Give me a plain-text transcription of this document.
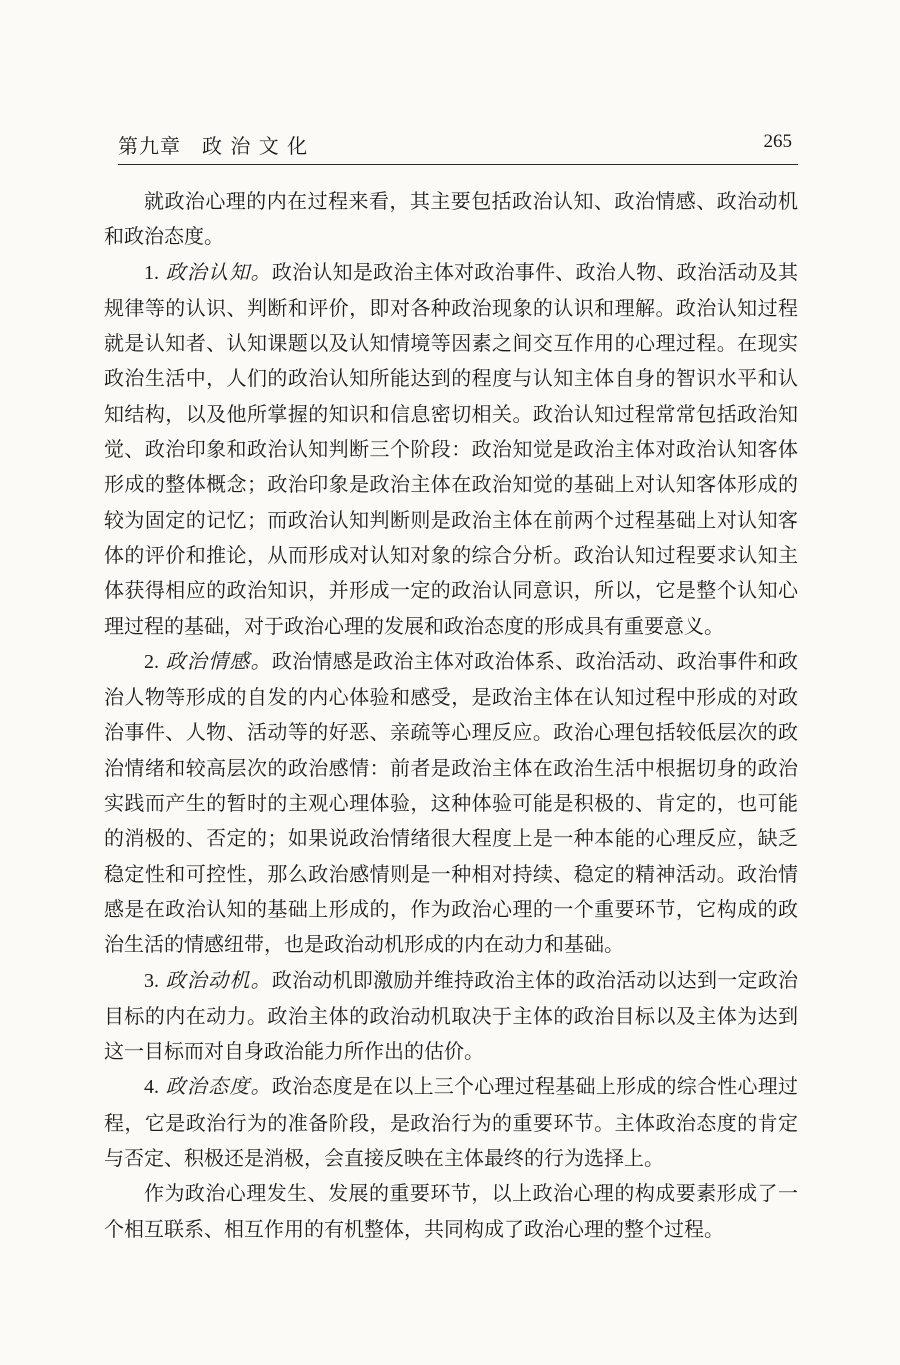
第九章　政 治 文 化	265

就政治心理的内在过程来看，其主要包括政治认知、政治情感、政治动机和政治态度。

1. 政治认知。政治认知是政治主体对政治事件、政治人物、政治活动及其规律等的认识、判断和评价，即对各种政治现象的认识和理解。政治认知过程就是认知者、认知课题以及认知情境等因素之间交互作用的心理过程。在现实政治生活中，人们的政治认知所能达到的程度与认知主体自身的智识水平和认知结构，以及他所掌握的知识和信息密切相关。政治认知过程常常包括政治知觉、政治印象和政治认知判断三个阶段：政治知觉是政治主体对政治认知客体形成的整体概念；政治印象是政治主体在政治知觉的基础上对认知客体形成的较为固定的记忆；而政治认知判断则是政治主体在前两个过程基础上对认知客体的评价和推论，从而形成对认知对象的综合分析。政治认知过程要求认知主体获得相应的政治知识，并形成一定的政治认同意识，所以，它是整个认知心理过程的基础，对于政治心理的发展和政治态度的形成具有重要意义。

2. 政治情感。政治情感是政治主体对政治体系、政治活动、政治事件和政治人物等形成的自发的内心体验和感受，是政治主体在认知过程中形成的对政治事件、人物、活动等的好恶、亲疏等心理反应。政治心理包括较低层次的政治情绪和较高层次的政治感情：前者是政治主体在政治生活中根据切身的政治实践而产生的暂时的主观心理体验，这种体验可能是积极的、肯定的，也可能的消极的、否定的；如果说政治情绪很大程度上是一种本能的心理反应，缺乏稳定性和可控性，那么政治感情则是一种相对持续、稳定的精神活动。政治情感是在政治认知的基础上形成的，作为政治心理的一个重要环节，它构成的政治生活的情感纽带，也是政治动机形成的内在动力和基础。

3. 政治动机。政治动机即激励并维持政治主体的政治活动以达到一定政治目标的内在动力。政治主体的政治动机取决于主体的政治目标以及主体为达到这一目标而对自身政治能力所作出的估价。

4. 政治态度。政治态度是在以上三个心理过程基础上形成的综合性心理过程，它是政治行为的准备阶段，是政治行为的重要环节。主体政治态度的肯定与否定、积极还是消极，会直接反映在主体最终的行为选择上。

作为政治心理发生、发展的重要环节，以上政治心理的构成要素形成了一个相互联系、相互作用的有机整体，共同构成了政治心理的整个过程。
